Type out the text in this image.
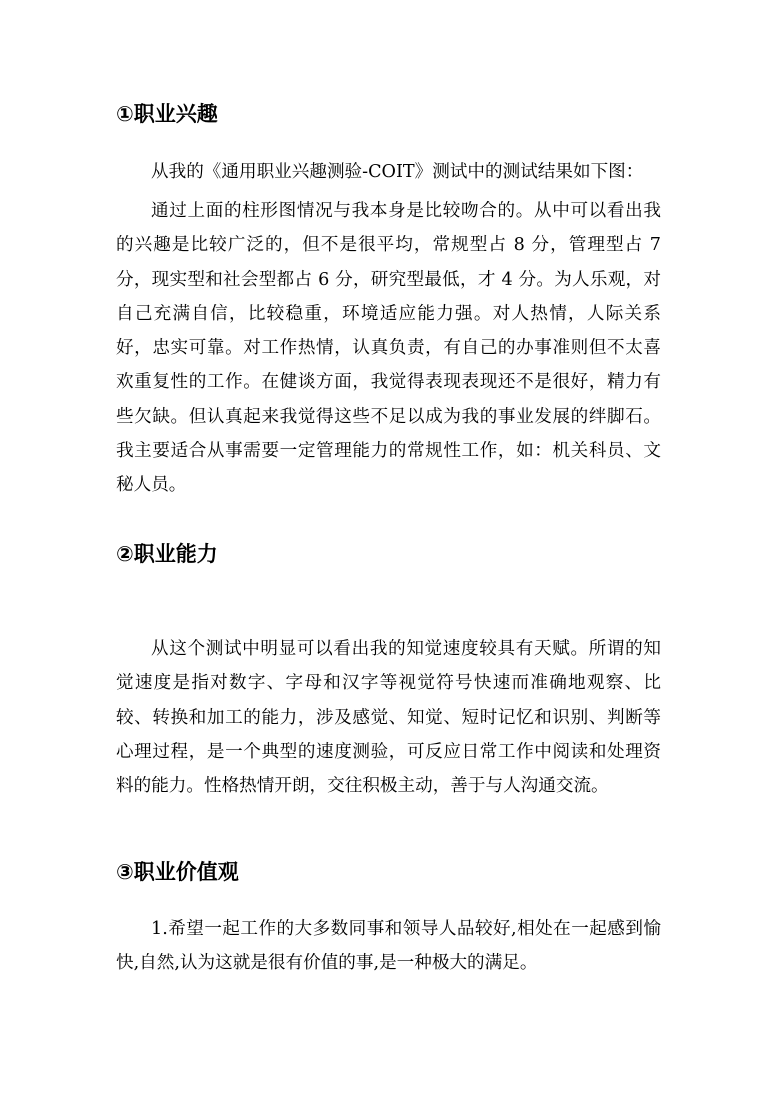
①职业兴趣
从我的《通用职业兴趣测验-COIT》测试中的测试结果如下图：
通过上面的柱形图情况与我本身是比较吻合的。从中可以看出我的兴趣是比较广泛的，但不是很平均，常规型占 8 分，管理型占 7 分，现实型和社会型都占 6 分，研究型最低，才 4 分。为人乐观，对自己充满自信，比较稳重，环境适应能力强。对人热情，人际关系好，忠实可靠。对工作热情，认真负责，有自己的办事准则但不太喜欢重复性的工作。在健谈方面，我觉得表现表现还不是很好，精力有些欠缺。但认真起来我觉得这些不足以成为我的事业发展的绊脚石。我主要适合从事需要一定管理能力的常规性工作，如：机关科员、文秘人员。
②职业能力
从这个测试中明显可以看出我的知觉速度较具有天赋。所谓的知觉速度是指对数字、字母和汉字等视觉符号快速而准确地观察、比较、转换和加工的能力，涉及感觉、知觉、短时记忆和识别、判断等心理过程，是一个典型的速度测验，可反应日常工作中阅读和处理资料的能力。性格热情开朗，交往积极主动，善于与人沟通交流。
③职业价值观
1.希望一起工作的大多数同事和领导人品较好,相处在一起感到愉快,自然,认为这就是很有价值的事,是一种极大的满足。
